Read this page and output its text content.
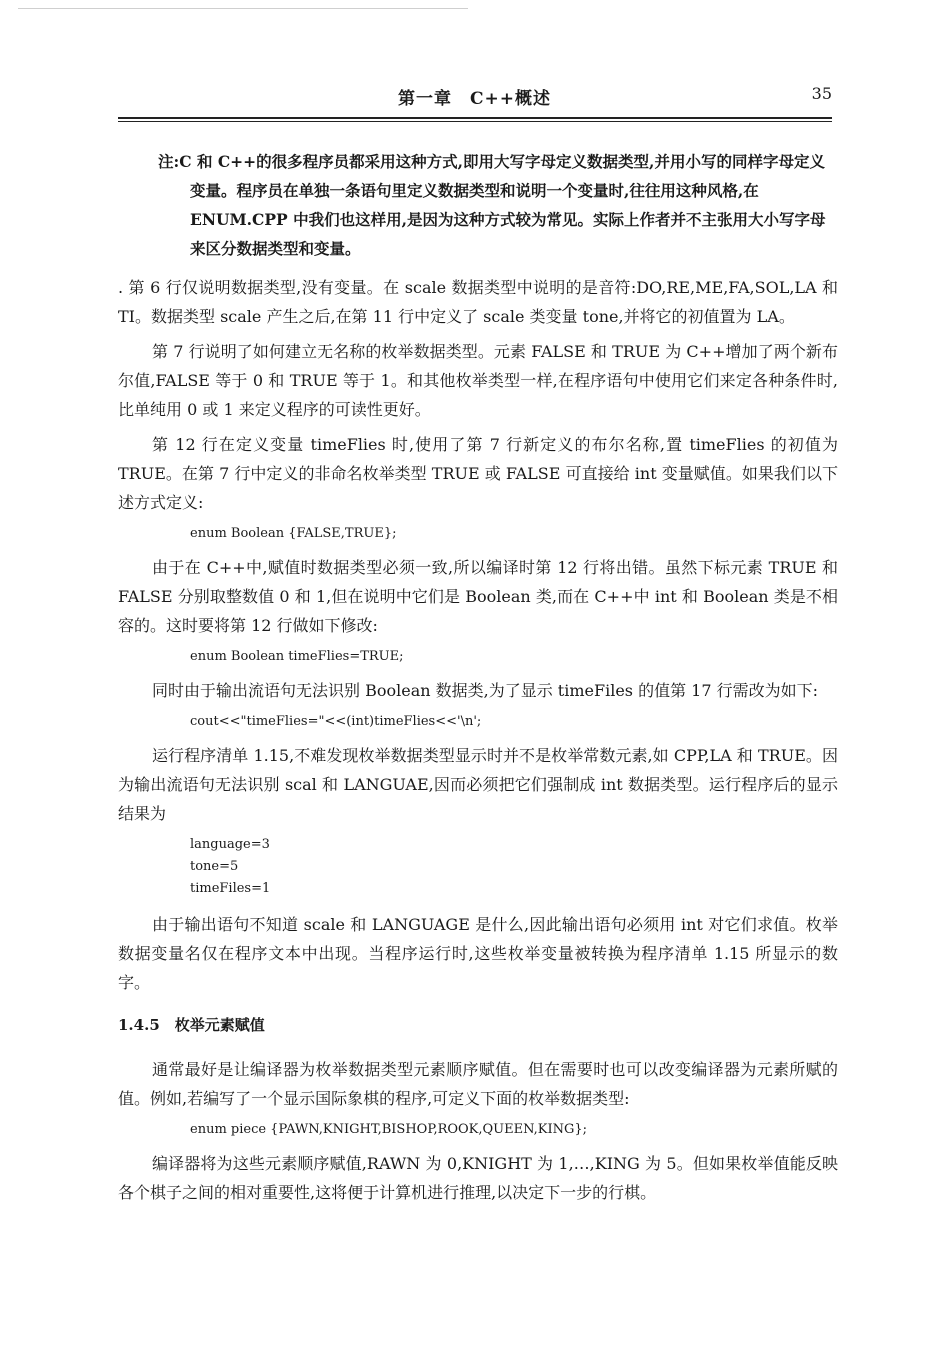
第一章　C++概述	35

注:C 和 C++的很多程序员都采用这种方式,即用大写字母定义数据类型,并用小写的同样字母定义变量。程序员在单独一条语句里定义数据类型和说明一个变量时,往往用这种风格,在 ENUM.CPP 中我们也这样用,是因为这种方式较为常见。实际上作者并不主张用大小写字母来区分数据类型和变量。

. 第 6 行仅说明数据类型,没有变量。在 scale 数据类型中说明的是音符:DO,RE,ME,FA,SOL,LA 和 TI。数据类型 scale 产生之后,在第 11 行中定义了 scale 类变量 tone,并将它的初值置为 LA。

第 7 行说明了如何建立无名称的枚举数据类型。元素 FALSE 和 TRUE 为 C++增加了两个新布尔值,FALSE 等于 0 和 TRUE 等于 1。和其他枚举类型一样,在程序语句中使用它们来定各种条件时,比单纯用 0 或 1 来定义程序的可读性更好。

第 12 行在定义变量 timeFlies 时,使用了第 7 行新定义的布尔名称,置 timeFlies 的初值为 TRUE。在第 7 行中定义的非命名枚举类型 TRUE 或 FALSE 可直接给 int 变量赋值。如果我们以下述方式定义:

enum Boolean {FALSE,TRUE};

由于在 C++中,赋值时数据类型必须一致,所以编译时第 12 行将出错。虽然下标元素 TRUE 和 FALSE 分别取整数值 0 和 1,但在说明中它们是 Boolean 类,而在 C++中 int 和 Boolean 类是不相容的。这时要将第 12 行做如下修改:

enum Boolean timeFlies=TRUE;

同时由于输出流语句无法识别 Boolean 数据类,为了显示 timeFiles 的值第 17 行需改为如下:

cout<<"timeFlies="<<(int)timeFlies<<'\n';

运行程序清单 1.15,不难发现枚举数据类型显示时并不是枚举常数元素,如 CPP,LA 和 TRUE。因为输出流语句无法识别 scal 和 LANGUAE,因而必须把它们强制成 int 数据类型。运行程序后的显示结果为

language=3
tone=5
timeFiles=1

由于输出语句不知道 scale 和 LANGUAGE 是什么,因此输出语句必须用 int 对它们求值。枚举数据变量名仅在程序文本中出现。当程序运行时,这些枚举变量被转换为程序清单 1.15 所显示的数字。

1.4.5　枚举元素赋值

通常最好是让编译器为枚举数据类型元素顺序赋值。但在需要时也可以改变编译器为元素所赋的值。例如,若编写了一个显示国际象棋的程序,可定义下面的枚举数据类型:

enum piece {PAWN,KNIGHT,BISHOP,ROOK,QUEEN,KING};

编译器将为这些元素顺序赋值,RAWN 为 0,KNIGHT 为 1,…,KING 为 5。但如果枚举值能反映各个棋子之间的相对重要性,这将便于计算机进行推理,以决定下一步的行棋。
